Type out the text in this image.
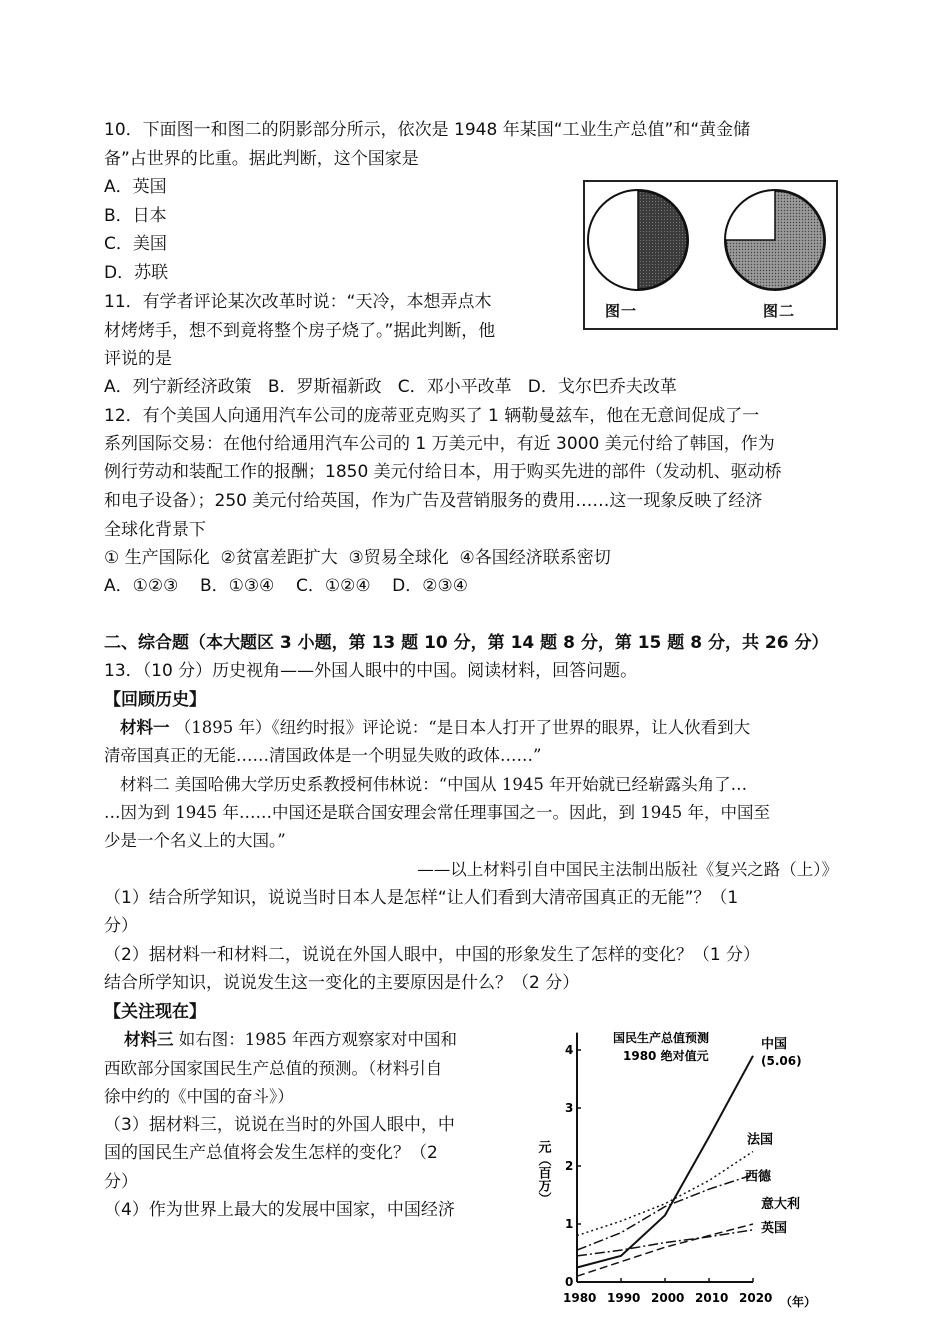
10．下面图一和图二的阴影部分所示，依次是 1948 年某国“工业生产总值”和“黄金储
备”占世界的比重。据此判断，这个国家是
A．英国
B．日本
C．美国
D．苏联
图一	图二
11．有学者评论某次改革时说：“天冷，本想弄点木
材烤烤手，想不到竟将整个房子烧了。”据此判断，他
评说的是
A．列宁新经济政策   B．罗斯福新政   C．邓小平改革   D．戈尔巴乔夫改革
12．有个美国人向通用汽车公司的庞蒂亚克购买了 1 辆勒曼兹车，他在无意间促成了一
系列国际交易：在他付给通用汽车公司的 1 万美元中，有近 3000 美元付给了韩国，作为
例行劳动和装配工作的报酬；1850 美元付给日本，用于购买先进的部件（发动机、驱动桥
和电子设备）；250 美元付给英国，作为广告及营销服务的费用……这一现象反映了经济
全球化背景下
① 生产国际化  ②贫富差距扩大  ③贸易全球化  ④各国经济联系密切
A．①②③    B．①③④    C．①②④    D．②③④
二、综合题（本大题区 3 小题，第 13 题 10 分，第 14 题 8 分，第 15 题 8 分，共 26 分）
13．（10 分）历史视角——外国人眼中的中国。阅读材料，回答问题。
【回顾历史】
材料一 （1895 年）《纽约时报》评论说：“是日本人打开了世界的眼界，让人伙看到大
清帝国真正的无能……清国政体是一个明显失败的政体……”
材料二 美国哈佛大学历史系教授柯伟林说：“中国从 1945 年开始就已经崭露头角了…
…因为到 1945 年……中国还是联合国安理会常任理事国之一。因此，到 1945 年，中国至
少是一个名义上的大国。”
——以上材料引自中国民主法制出版社《复兴之路（上）》
（1）结合所学知识，说说当时日本人是怎样“让人们看到大清帝国真正的无能”？（1
分）
（2）据材料一和材料二，说说在外国人眼中，中国的形象发生了怎样的变化？（1 分）
结合所学知识，说说发生这一变化的主要原因是什么？（2 分）
【关注现在】
材料三 如右图：1985 年西方观察家对中国和
西欧部分国家国民生产总值的预测。（材料引自
徐中约的《中国的奋斗》）
（3）据材料三，说说在当时的外国人眼中，中
国的国民生产总值将会发生怎样的变化？（2
分）
（4）作为世界上最大的发展中国家，中国经济
国民生产总值预测
1980 绝对值元
元（百万）
（年）
1980 1990 2000 2010 2020
0
1
2
3
4	中国
(5.06)
法国
西德
意大利
英国
